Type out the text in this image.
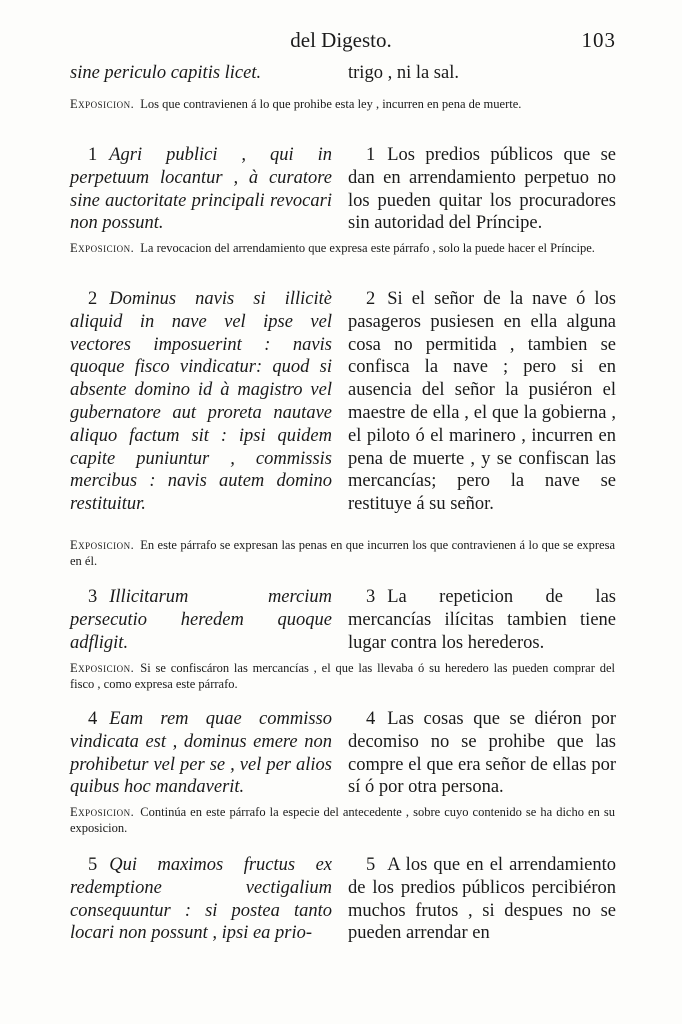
del Digesto.	103

sine periculo capitis licet.	trigo , ni la sal.

Exposicion. Los que contravienen á lo que prohibe esta ley , incurren en pena de muerte.

1 Agri publici , qui in perpetuum locantur , à curatore sine auctoritate principali revocari non possunt.

1 Los predios públicos que se dan en arrendamiento perpetuo no los pueden quitar los procuradores sin autoridad del Príncipe.

Exposicion. La revocacion del arrendamiento que expresa este párrafo , solo la puede hacer el Príncipe.

2 Dominus navis si illicitè aliquid in nave vel ipse vel vectores imposuerint : navis quoque fisco vindicatur: quod si absente domino id à magistro vel gubernatore aut proreta nautave aliquo factum sit : ipsi quidem capite puniuntur , commissis mercibus : navis autem domino restituitur.

2 Si el señor de la nave ó los pasageros pusiesen en ella alguna cosa no permitida , tambien se confisca la nave ; pero si en ausencia del señor la pusiéron el maestre de ella , el que la gobierna , el piloto ó el marinero , incurren en pena de muerte , y se confiscan las mercancías; pero la nave se restituye á su señor.

Exposicion. En este párrafo se expresan las penas en que incurren los que contravienen á lo que se expresa en él.

3 Illicitarum mercium persecutio heredem quoque adfligit.

3 La repeticion de las mercancías ilícitas tambien tiene lugar contra los herederos.

Exposicion. Si se confiscáron las mercancías , el que las llevaba ó su heredero las pueden comprar del fisco , como expresa este párrafo.

4 Eam rem quae commisso vindicata est , dominus emere non prohibetur vel per se , vel per alios quibus hoc mandaverit.

4 Las cosas que se diéron por decomiso no se prohibe que las compre el que era señor de ellas por sí ó por otra persona.

Exposicion. Continúa en este párrafo la especie del antecedente , sobre cuyo contenido se ha dicho en su exposicion.

5 Qui maximos fructus ex redemptione vectigalium consequuntur : si postea tanto locari non possunt , ipsi ea prio-

5 A los que en el arrendamiento de los predios públicos percibiéron muchos frutos , si despues no se pueden arrendar en
